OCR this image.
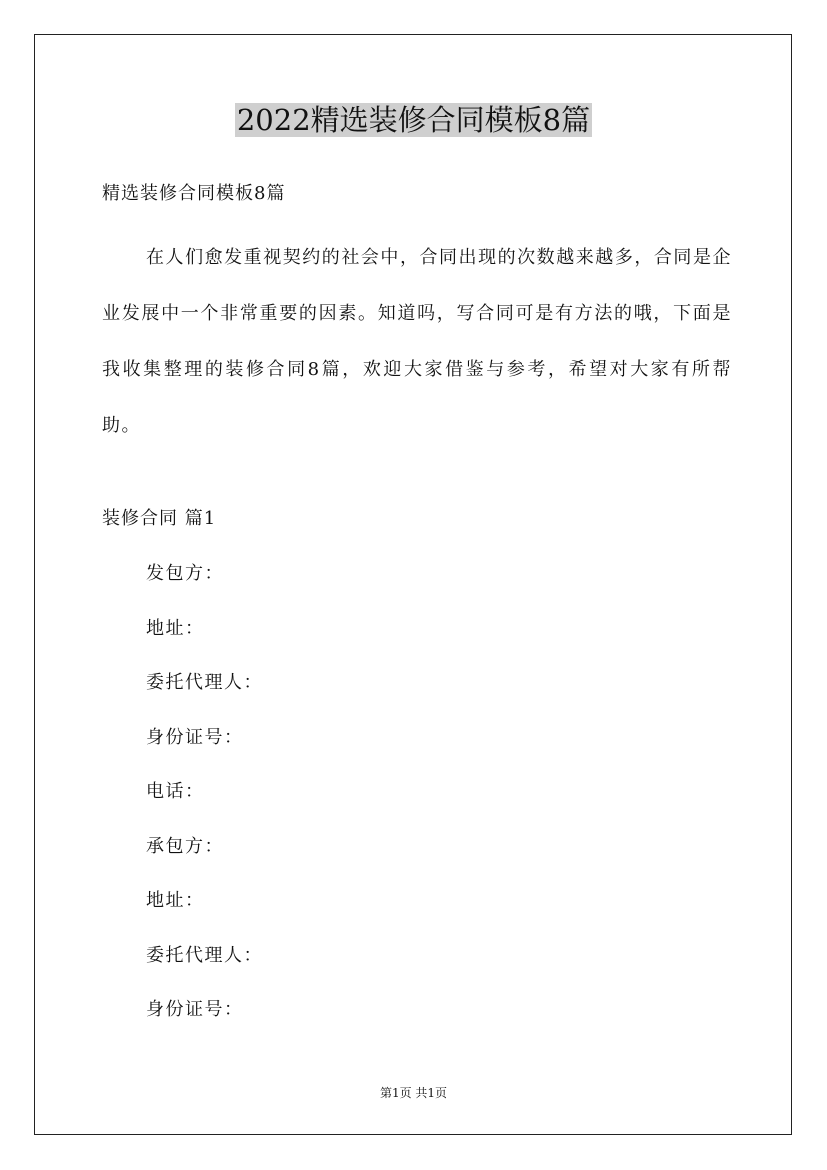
2022精选装修合同模板8篇
精选装修合同模板8篇

在人们愈发重视契约的社会中，合同出现的次数越来越多，合同是企业发展中一个非常重要的因素。知道吗，写合同可是有方法的哦，下面是我收集整理的装修合同8篇，欢迎大家借鉴与参考，希望对大家有所帮助。

装修合同 篇1
发包方：
地址：
委托代理人：
身份证号：
电话：
承包方：
地址：
委托代理人：
身份证号：
第1页 共1页
